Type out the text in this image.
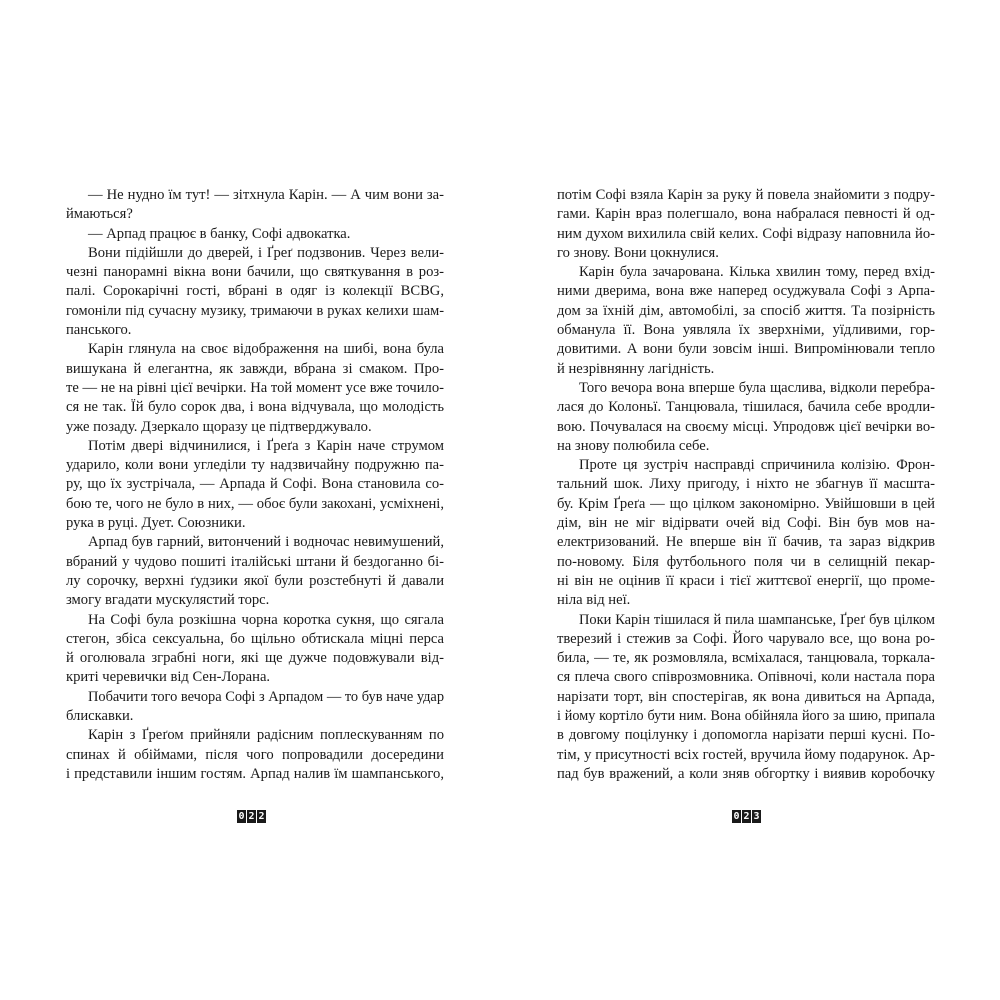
— Не нудно їм тут! — зітхнула Карін. — А чим вони за-
ймаються?
— Арпад працює в банку, Софі адвокатка.
Вони підійшли до дверей, і Ґреґ подзвонив. Через вели-
чезні панорамні вікна вони бачили, що святкування в роз-
палі. Сорокарічні гості, вбрані в одяг із колекції BCBG,
гомоніли під сучасну музику, тримаючи в руках келихи шам-
панського.
Карін глянула на своє відображення на шибі, вона була
вишукана й елегантна, як завжди, вбрана зі смаком. Про-
те — не на рівні цієї вечірки. На той момент усе вже точило-
ся не так. Їй було сорок два, і вона відчувала, що молодість
уже позаду. Дзеркало щоразу це підтверджувало.
Потім двері відчинилися, і Ґреґа з Карін наче струмом
ударило, коли вони угледіли ту надзвичайну подружню па-
ру, що їх зустрічала, — Арпада й Софі. Вона становила со-
бою те, чого не було в них, — обоє були закохані, усміхнені,
рука в руці. Дует. Союзники.
Арпад був гарний, витончений і водночас невимушений,
вбраний у чудово пошиті італійські штани й бездоганно бі-
лу сорочку, верхні ґудзики якої були розстебнуті й давали
змогу вгадати мускулястий торс.
На Софі була розкішна чорна коротка сукня, що сягала
стегон, збіса сексуальна, бо щільно обтискала міцні перса
й оголювала зграбні ноги, які ще дужче подовжували від-
криті черевички від Сен-Лорана.
Побачити того вечора Софі з Арпадом — то був наче удар
блискавки.
Карін з Ґреґом прийняли радісним поплескуванням по
спинах й обіймами, після чого попровадили досередини
і представили іншим гостям. Арпад налив їм шампанського,
потім Софі взяла Карін за руку й повела знайомити з подру-
гами. Карін враз полегшало, вона набралася певності й од-
ним духом вихилила свій келих. Софі відразу наповнила йо-
го знову. Вони цокнулися.
Карін була зачарована. Кілька хвилин тому, перед вхід-
ними дверима, вона вже наперед осуджувала Софі з Арпа-
дом за їхній дім, автомобілі, за спосіб життя. Та позірність
обманула її. Вона уявляла їх зверхніми, уїдливими, гор-
довитими. А вони були зовсім інші. Випромінювали тепло
й незрівнянну лагідність.
Того вечора вона вперше була щаслива, відколи перебра-
лася до Колоньї. Танцювала, тішилася, бачила себе вродли-
вою. Почувалася на своєму місці. Упродовж цієї вечірки во-
на знову полюбила себе.
Проте ця зустріч насправді спричинила колізію. Фрон-
тальний шок. Лиху пригоду, і ніхто не збагнув її масшта-
бу. Крім Ґреґа — що цілком закономірно. Увійшовши в цей
дім, він не міг відірвати очей від Софі. Він був мов на-
електризований. Не вперше він її бачив, та зараз відкрив
по-новому. Біля футбольного поля чи в селищній пекар-
ні він не оцінив її краси і тієї життєвої енергії, що проме-
ніла від неї.
Поки Карін тішилася й пила шампанське, Ґреґ був цілком
тверезий і стежив за Софі. Його чарувало все, що вона ро-
била, — те, як розмовляла, всміхалася, танцювала, торкала-
ся плеча свого співрозмовника. Опівночі, коли настала пора
нарізати торт, він спостерігав, як вона дивиться на Арпада,
і йому кортіло бути ним. Вона обійняла його за шию, припала
в довгому поцілунку і допомогла нарізати перші куснi. По-
тім, у присутності всіх гостей, вручила йому подарунок. Ар-
пад був вражений, а коли зняв обгортку і виявив коробочку
0 2 2	0 2 3
